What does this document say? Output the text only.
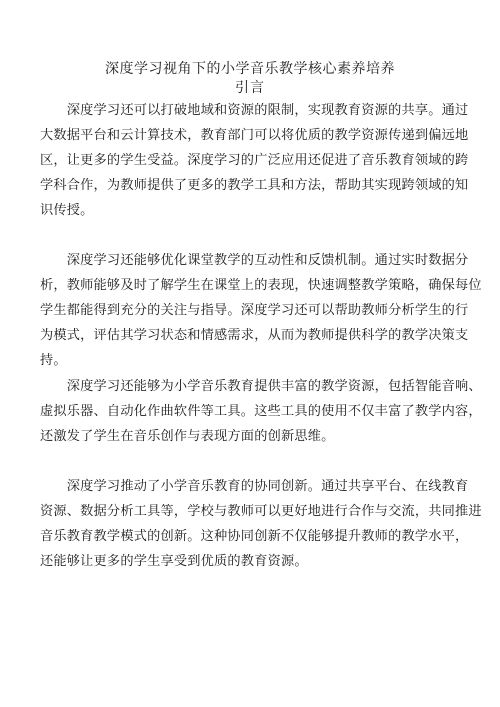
深度学习视角下的小学音乐教学核心素养培养
引言

　　深度学习还可以打破地域和资源的限制，实现教育资源的共享。通过
大数据平台和云计算技术，教育部门可以将优质的教学资源传递到偏远地
区，让更多的学生受益。深度学习的广泛应用还促进了音乐教育领域的跨
学科合作，为教师提供了更多的教学工具和方法，帮助其实现跨领域的知
识传授。

　　深度学习还能够优化课堂教学的互动性和反馈机制。通过实时数据分
析，教师能够及时了解学生在课堂上的表现，快速调整教学策略，确保每位
学生都能得到充分的关注与指导。深度学习还可以帮助教师分析学生的行
为模式，评估其学习状态和情感需求，从而为教师提供科学的教学决策支
持。

　　深度学习还能够为小学音乐教育提供丰富的教学资源，包括智能音响、
虚拟乐器、自动化作曲软件等工具。这些工具的使用不仅丰富了教学内容，
还激发了学生在音乐创作与表现方面的创新思维。

　　深度学习推动了小学音乐教育的协同创新。通过共享平台、在线教育
资源、数据分析工具等，学校与教师可以更好地进行合作与交流，共同推进
音乐教育教学模式的创新。这种协同创新不仅能够提升教师的教学水平，
还能够让更多的学生享受到优质的教育资源。
